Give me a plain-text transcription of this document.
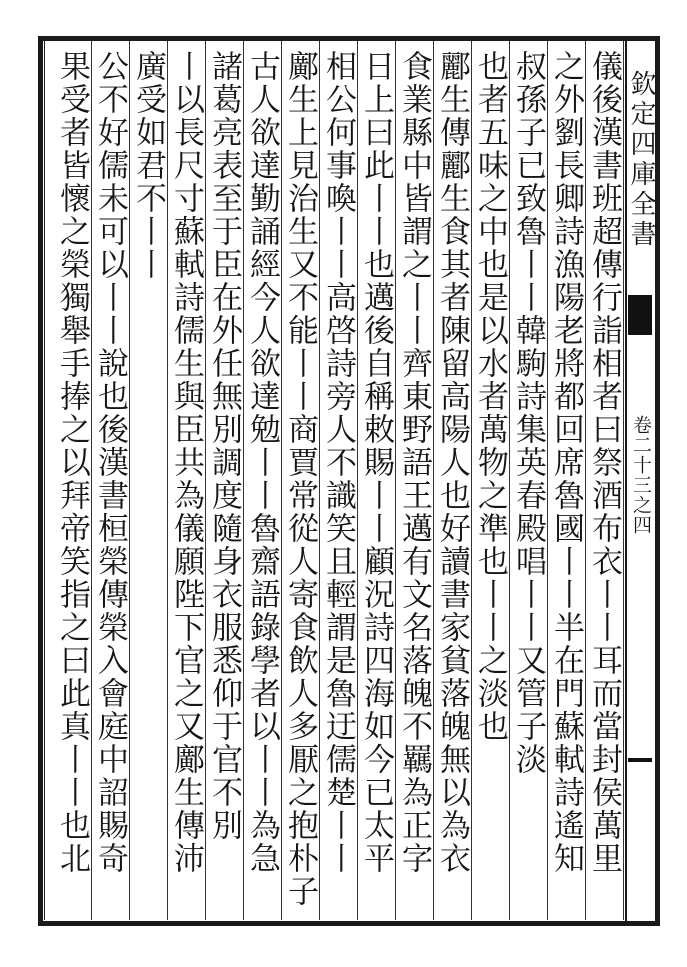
欽定四庫全書
卷二十三之四
儀後漢書班超傳行詣相者曰祭酒布衣丨丨耳而當封侯萬里
之外劉長卿詩漁陽老將都回席魯國丨丨半在門蘇軾詩遙知
叔孫子已致魯丨丨韓駒詩集英春殿唱丨丨又管子淡
也者五味之中也是以水者萬物之準也丨丨之淡也
酈生傳酈生食其者陳留高陽人也好讀書家貧落魄無以為衣
食業縣中皆謂之丨丨齊東野語王邁有文名落魄不羈為正字
日上曰此丨丨也邁後自稱敕賜丨丨顧況詩四海如今已太平
相公何事喚丨丨高啓詩旁人不識笑且輕謂是魯迂儒楚丨丨
鄺生上見治生又不能丨丨商賈常從人寄食飲人多厭之抱朴子
古人欲達勤誦經今人欲達勉丨丨魯齋語錄學者以丨丨為急
諸葛亮表至于臣在外任無別調度隨身衣服悉仰于官不別
丨以長尺寸蘇軾詩儒生與臣共為儀願陛下官之又鄺生傳沛
廣受如君不丨丨
公不好儒未可以丨丨說也後漢書桓榮傳榮入會庭中詔賜奇
果受者皆懷之榮獨舉手捧之以拜帝笑指之曰此真丨丨也北
